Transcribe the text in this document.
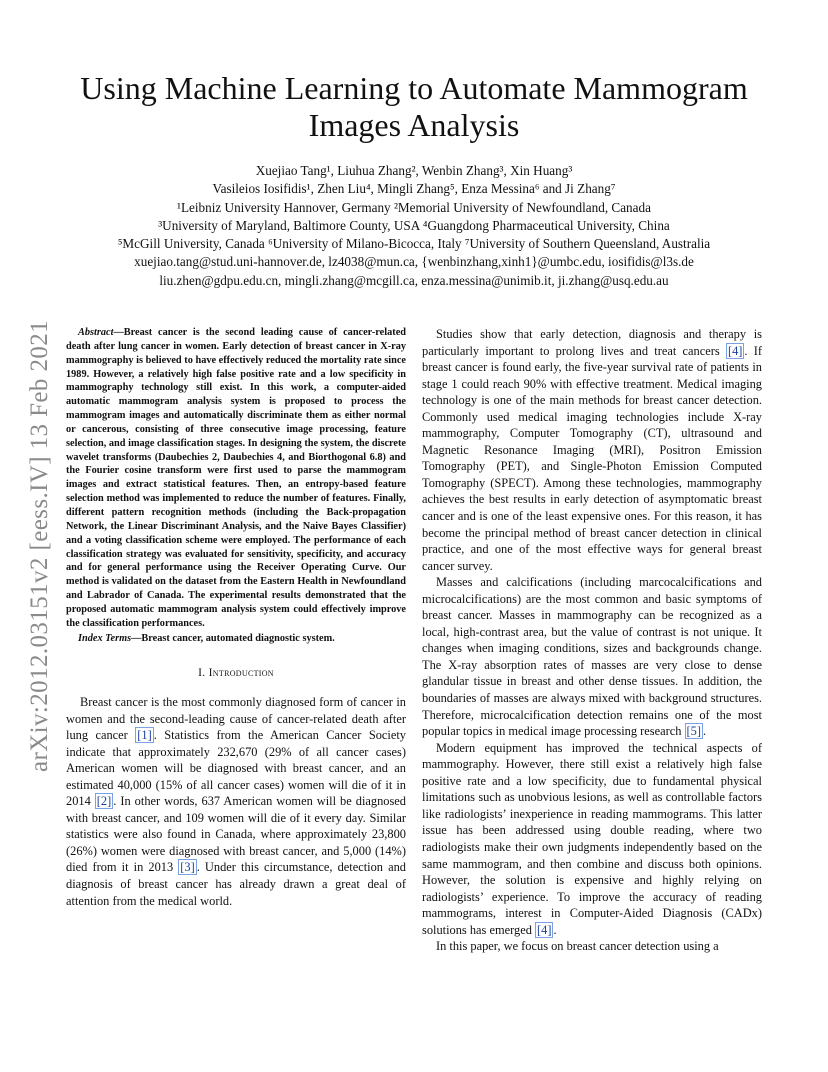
arXiv:2012.03151v2 [eess.IV] 13 Feb 2021
Using Machine Learning to Automate Mammogram Images Analysis
Xuejiao Tang¹, Liuhua Zhang², Wenbin Zhang³, Xin Huang³
Vasileios Iosifidis¹, Zhen Liu⁴, Mingli Zhang⁵, Enza Messina⁶ and Ji Zhang⁷
¹Leibniz University Hannover, Germany ²Memorial University of Newfoundland, Canada
³University of Maryland, Baltimore County, USA ⁴Guangdong Pharmaceutical University, China
⁵McGill University, Canada ⁶University of Milano-Bicocca, Italy ⁷University of Southern Queensland, Australia
xuejiao.tang@stud.uni-hannover.de, lz4038@mun.ca, {wenbinzhang,xinh1}@umbc.edu, iosifidis@l3s.de
liu.zhen@gdpu.edu.cn, mingli.zhang@mcgill.ca, enza.messina@unimib.it, ji.zhang@usq.edu.au

Abstract—Breast cancer is the second leading cause of cancer-related death after lung cancer in women. Early detection of breast cancer in X-ray mammography is believed to have effectively reduced the mortality rate since 1989. However, a relatively high false positive rate and a low specificity in mammography technology still exist. In this work, a computer-aided automatic mammogram analysis system is proposed to process the mammogram images and automatically discriminate them as either normal or cancerous, consisting of three consecutive image processing, feature selection, and image classification stages. In designing the system, the discrete wavelet transforms (Daubechies 2, Daubechies 4, and Biorthogonal 6.8) and the Fourier cosine transform were first used to parse the mammogram images and extract statistical features. Then, an entropy-based feature selection method was implemented to reduce the number of features. Finally, different pattern recognition methods (including the Back-propagation Network, the Linear Discriminant Analysis, and the Naive Bayes Classifier) and a voting classification scheme were employed. The performance of each classification strategy was evaluated for sensitivity, specificity, and accuracy and for general performance using the Receiver Operating Curve. Our method is validated on the dataset from the Eastern Health in Newfoundland and Labrador of Canada. The experimental results demonstrated that the proposed automatic mammogram analysis system could effectively improve the classification performances.

Index Terms—Breast cancer, automated diagnostic system.

I. Introduction

Breast cancer is the most commonly diagnosed form of cancer in women and the second-leading cause of cancer-related death after lung cancer [1] . Statistics from the American Cancer Society indicate that approximately 232,670 (29% of all cancer cases) American women will be diagnosed with breast cancer, and an estimated 40,000 (15% of all cancer cases) women will die of it in 2014 [2] . In other words, 637 American women will be diagnosed with breast cancer, and 109 women will die of it every day. Similar statistics were also found in Canada, where approximately 23,800 (26%) women were diagnosed with breast cancer, and 5,000 (14%) died from it in 2013 [3] . Under this circumstance, detection and diagnosis of breast cancer has already drawn a great deal of attention from the medical world.

Studies show that early detection, diagnosis and therapy is particularly important to prolong lives and treat cancers [4] . If breast cancer is found early, the five-year survival rate of patients in stage 1 could reach 90% with effective treatment. Medical imaging technology is one of the main methods for breast cancer detection. Commonly used medical imaging technologies include X-ray mammography, Computer Tomography (CT), ultrasound and Magnetic Resonance Imaging (MRI), Positron Emission Tomography (PET), and Single-Photon Emission Computed Tomography (SPECT). Among these technologies, mammography achieves the best results in early detection of asymptomatic breast cancer and is one of the least expensive ones. For this reason, it has become the principal method of breast cancer detection in clinical practice, and one of the most effective ways for general breast cancer survey.

Masses and calcifications (including marcocalcifications and microcalcifications) are the most common and basic symptoms of breast cancer. Masses in mammography can be recognized as a local, high-contrast area, but the value of contrast is not unique. It changes when imaging conditions, sizes and backgrounds change. The X-ray absorption rates of masses are very close to dense glandular tissue in breast and other dense tissues. In addition, the boundaries of masses are always mixed with background structures. Therefore, microcalcification detection remains one of the most popular topics in medical image processing research [5] .

Modern equipment has improved the technical aspects of mammography. However, there still exist a relatively high false positive rate and a low specificity, due to fundamental physical limitations such as unobvious lesions, as well as controllable factors like radiologists’ inexperience in reading mammograms. This latter issue has been addressed using double reading, where two radiologists make their own judgments independently based on the same mammogram, and then combine and discuss both opinions. However, the solution is expensive and highly relying on radiologists’ experience. To improve the accuracy of reading mammograms, interest in Computer-Aided Diagnosis (CADx) solutions has emerged [4] .

In this paper, we focus on breast cancer detection using a
